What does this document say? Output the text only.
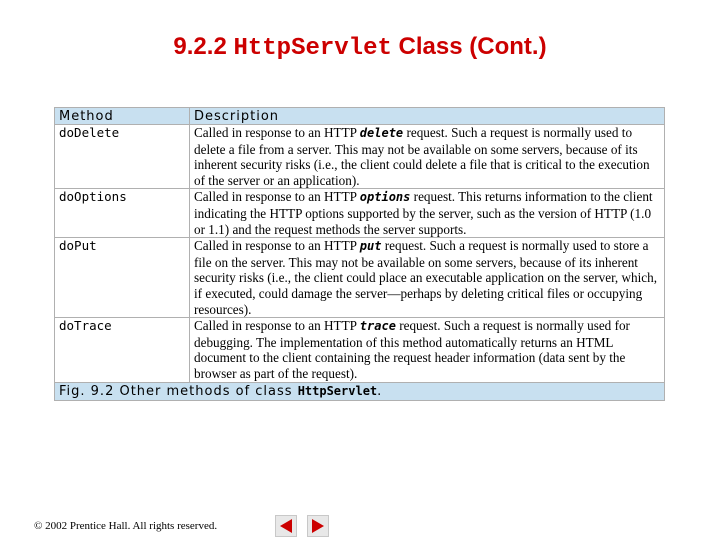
9.2.2 HttpServlet Class (Cont.)
Method	Description
doDelete	Called in response to an HTTP delete request. Such a request is normally used to delete a file from a server. This may not be available on some servers, because of its inherent security risks (i.e., the client could delete a file that is critical to the execution of the server or an application).
doOptions	Called in response to an HTTP options request. This returns information to the client indicating the HTTP options supported by the server, such as the version of HTTP (1.0 or 1.1) and the request methods the server supports.
doPut	Called in response to an HTTP put request. Such a request is normally used to store a file on the server. This may not be available on some servers, because of its inherent security risks (i.e., the client could place an executable application on the server, which, if executed, could damage the server—perhaps by deleting critical files or occupying resources).
doTrace	Called in response to an HTTP trace request. Such a request is normally used for debugging. The implementation of this method automatically returns an HTML document to the client containing the request header information (data sent by the browser as part of the request).
Fig. 9.2 Other methods of class HttpServlet.	
© 2002 Prentice Hall. All rights reserved.
